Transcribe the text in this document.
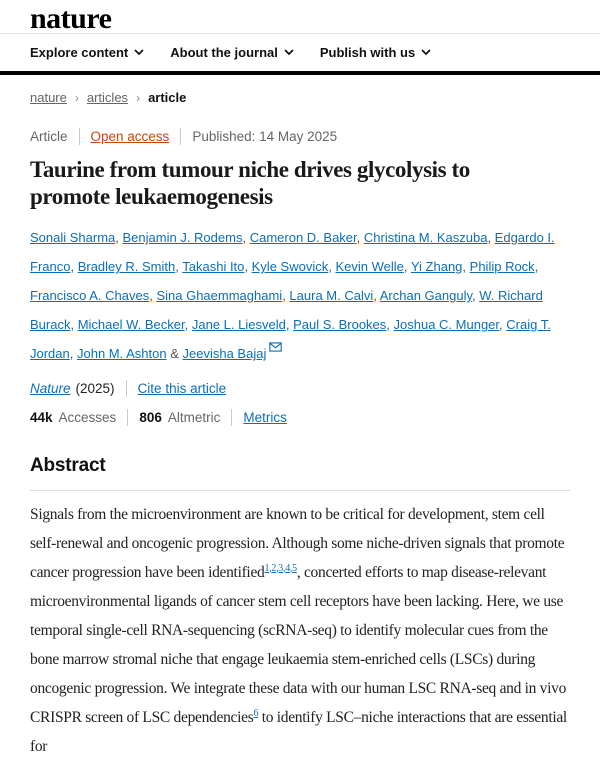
nature
Explore content	About the journal	Publish with us
nature › articles › article
Article Open access Published: 14 May 2025
Taurine from tumour niche drives glycolysis to
promote leukaemogenesis
Sonali Sharma, Benjamin J. Rodems, Cameron D. Baker, Christina M. Kaszuba, Edgardo I. Franco, Bradley R. Smith, Takashi Ito, Kyle Swovick, Kevin Welle, Yi Zhang, Philip Rock, Francisco A. Chaves, Sina Ghaemmaghami, Laura M. Calvi, Archan Ganguly, W. Richard Burack, Michael W. Becker, Jane L. Liesveld, Paul S. Brookes, Joshua C. Munger, Craig T. Jordan, John M. Ashton & Jeevisha Bajaj
Nature (2025) Cite this article
44k Accesses 806 Altmetric Metrics
Abstract

Signals from the microenvironment are known to be critical for development, stem cell self-renewal and oncogenic progression. Although some niche-driven signals that promote cancer progression have been identified$^{1,2,3,4,5}$, concerted efforts to map disease-relevant microenvironmental ligands of cancer stem cell receptors have been lacking. Here, we use temporal single-cell RNA-sequencing (scRNA-seq) to identify molecular cues from the bone marrow stromal niche that engage leukaemia stem-enriched cells (LSCs) during oncogenic progression. We integrate these data with our human LSC RNA-seq and in vivo CRISPR screen of LSC dependencies$^6$ to identify LSC–niche interactions that are essential for
